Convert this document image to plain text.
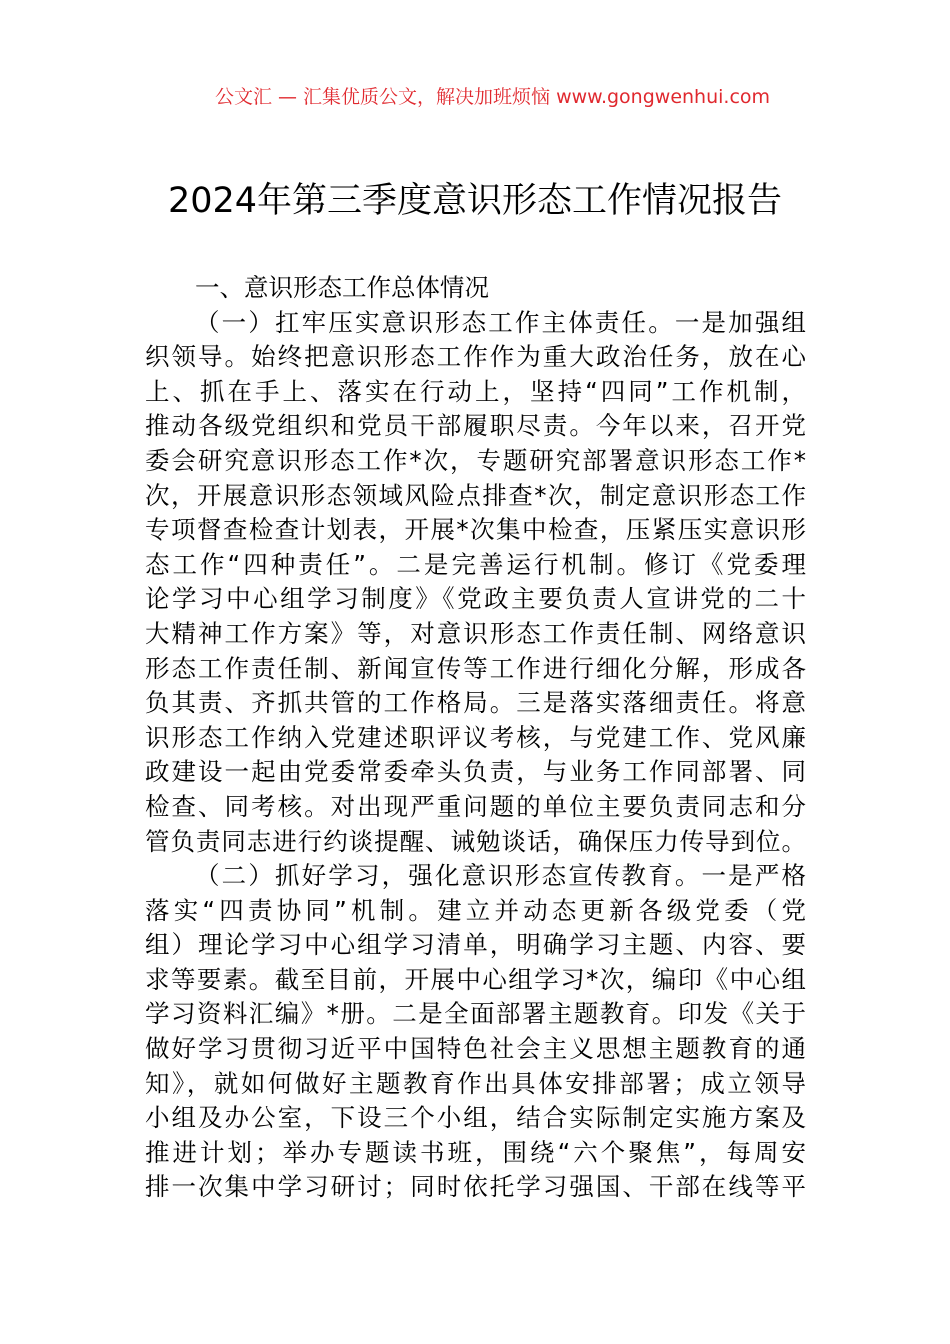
公文汇 — 汇集优质公文，解决加班烦恼 www.gongwenhui.com
2024年第三季度意识形态工作情况报告
一、意识形态工作总体情况
（一）扛牢压实意识形态工作主体责任。一是加强组
织领导。始终把意识形态工作作为重大政治任务，放在心
上、抓在手上、落实在行动上，坚持“四同”工作机制，
推动各级党组织和党员干部履职尽责。今年以来，召开党
委会研究意识形态工作*次，专题研究部署意识形态工作*
次，开展意识形态领域风险点排查*次，制定意识形态工作
专项督查检查计划表，开展*次集中检查，压紧压实意识形
态工作“四种责任”。二是完善运行机制。修订《党委理
论学习中心组学习制度》《党政主要负责人宣讲党的二十
大精神工作方案》等，对意识形态工作责任制、网络意识
形态工作责任制、新闻宣传等工作进行细化分解，形成各
负其责、齐抓共管的工作格局。三是落实落细责任。将意
识形态工作纳入党建述职评议考核，与党建工作、党风廉
政建设一起由党委常委牵头负责，与业务工作同部署、同
检查、同考核。对出现严重问题的单位主要负责同志和分
管负责同志进行约谈提醒、诫勉谈话，确保压力传导到位。
（二）抓好学习，强化意识形态宣传教育。一是严格
落实“四责协同”机制。建立并动态更新各级党委（党
组）理论学习中心组学习清单，明确学习主题、内容、要
求等要素。截至目前，开展中心组学习*次，编印《中心组
学习资料汇编》*册。二是全面部署主题教育。印发《关于
做好学习贯彻习近平中国特色社会主义思想主题教育的通
知》，就如何做好主题教育作出具体安排部署；成立领导
小组及办公室，下设三个小组，结合实际制定实施方案及
推进计划；举办专题读书班，围绕“六个聚焦”，每周安
排一次集中学习研讨；同时依托学习强国、干部在线等平
